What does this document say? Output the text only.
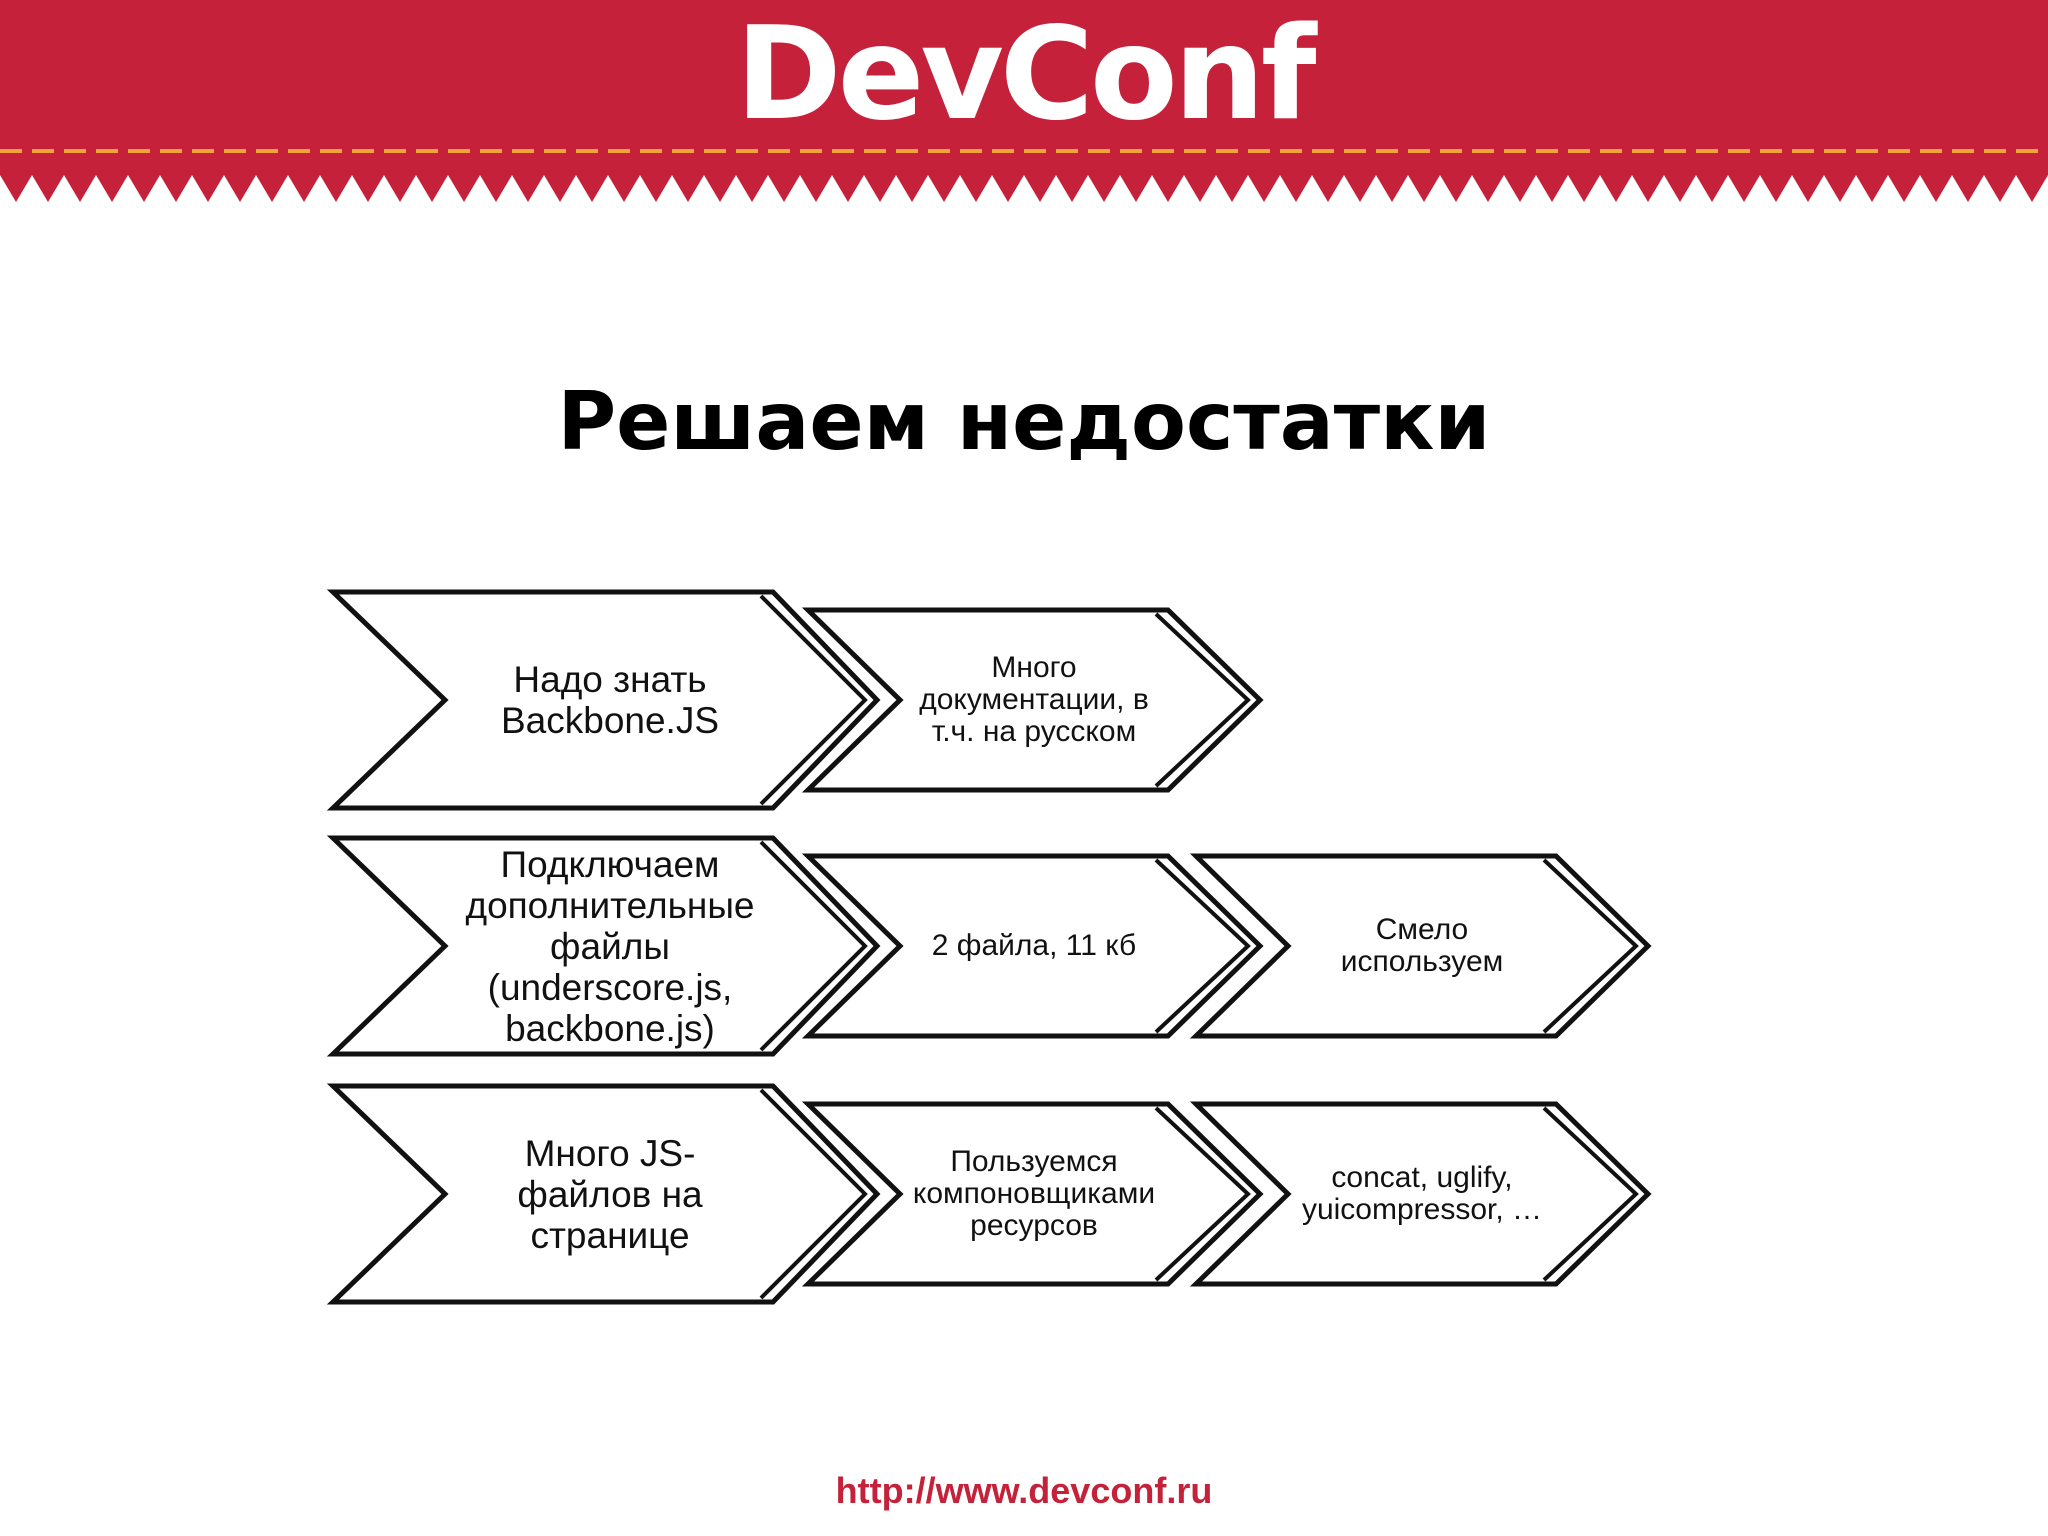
DevConf
Решаем недостатки
Много
документации, в
т.ч. на русском
Надо знать
Backbone.JS
2 файла, 11 кб	Смело
используем
Подключаем
дополнительные
файлы
(underscore.js,
backbone.js)
Пользуемся
компоновщиками
ресурсов
concat, uglify,
yuicompressor, …
Много JS-
файлов на
странице
http://www.devconf.ru
